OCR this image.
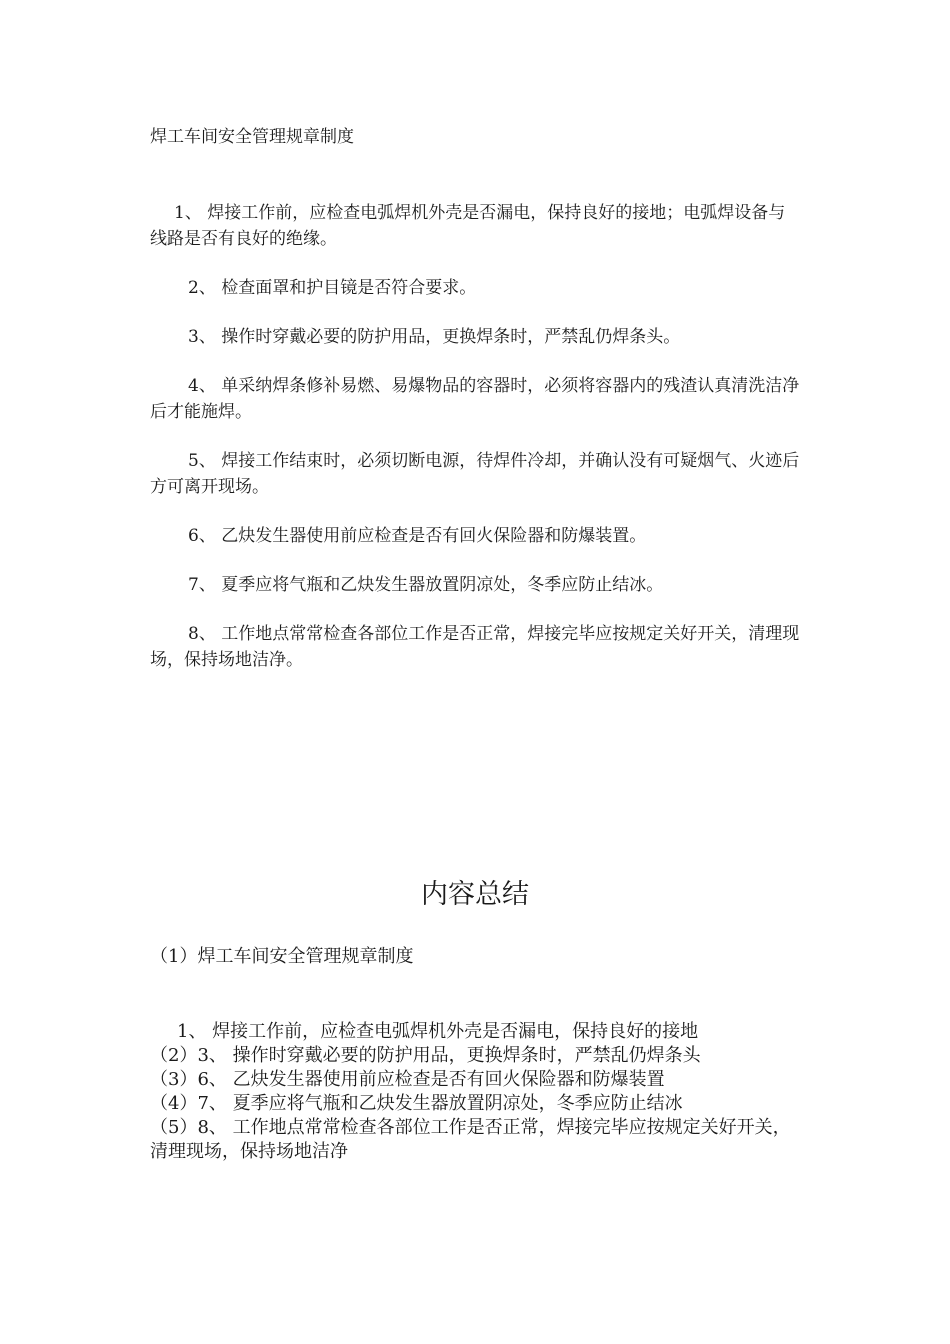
焊工车间安全管理规章制度

1、 焊接工作前，应检查电弧焊机外壳是否漏电，保持良好的接地；电弧焊设备与线路是否有良好的绝缘。

2、 检查面罩和护目镜是否符合要求。

3、 操作时穿戴必要的防护用品，更换焊条时，严禁乱仍焊条头。

4、 单采纳焊条修补易燃、易爆物品的容器时，必须将容器内的残渣认真清洗洁净后才能施焊。

5、 焊接工作结束时，必须切断电源，待焊件冷却，并确认没有可疑烟气、火迹后方可离开现场。

6、 乙炔发生器使用前应检查是否有回火保险器和防爆装置。

7、 夏季应将气瓶和乙炔发生器放置阴凉处，冬季应防止结冰。

8、 工作地点常常检查各部位工作是否正常，焊接完毕应按规定关好开关，清理现场，保持场地洁净。

内容总结
（1）焊工车间安全管理规章制度

1、 焊接工作前，应检查电弧焊机外壳是否漏电，保持良好的接地

（2）3、 操作时穿戴必要的防护用品，更换焊条时，严禁乱仍焊条头

（3）6、 乙炔发生器使用前应检查是否有回火保险器和防爆装置

（4）7、 夏季应将气瓶和乙炔发生器放置阴凉处，冬季应防止结冰

（5）8、 工作地点常常检查各部位工作是否正常，焊接完毕应按规定关好开关，清理现场，保持场地洁净
